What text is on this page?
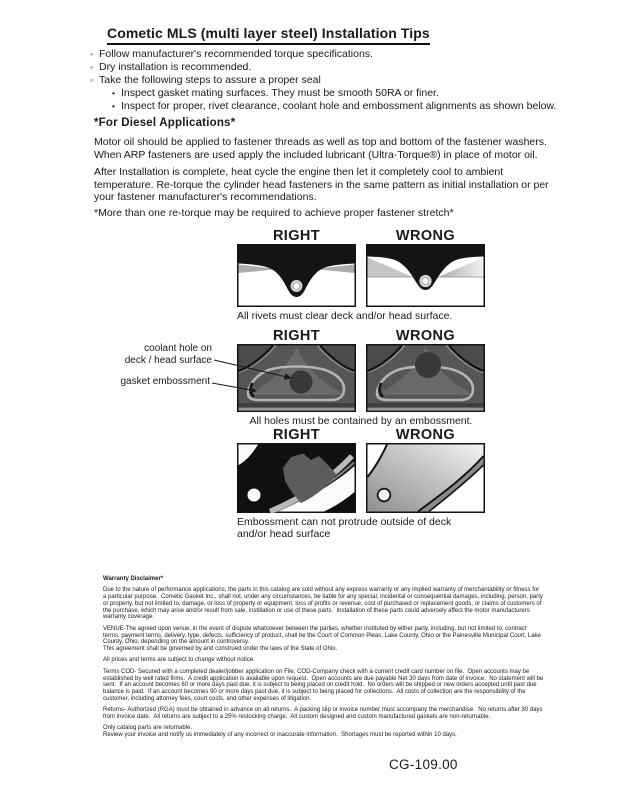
Cometic MLS (multi layer steel) Installation Tips
◦ Follow manufacturer's recommended torque specifications.
◦ Dry installation is recommended.
◦ Take the following steps to assure a proper seal
• Inspect gasket mating surfaces. They must be smooth 50RA or finer.
• Inspect for proper, rivet clearance, coolant hole and embossment alignments as shown below.
*For Diesel Applications*
Motor oil should be applied to fastener threads as well as top and bottom of the fastener washers. When ARP fasteners are used apply the included lubricant (Ultra-Torque®) in place of motor oil.
After Installation is complete, heat cycle the engine then let it completely cool to ambient temperature. Re-torque the cylinder head fasteners in the same pattern as initial installation or per your fastener manufacturer's recommendations.
*More than one re-torque may be required to achieve proper fastener stretch*
RIGHT	WRONG
All rivets must clear deck and/or head surface.
RIGHT	WRONG
All holes must be contained by an embossment.
coolant hole on
deck / head surface
gasket embossment
RIGHT	WRONG
Embossment can not protrude outside of deck
and/or head surface
Warranty Disclaimer*

Due to the nature of performance applications, the parts in this catalog are sold without any express warranty or any implied warranty of merchantability or fitness for a particular purpose.  Cometic Gasket Inc., shall not, under any circumstances, be liable for any special, incidental or consequential damages, including, person, party or property, but not limited to, damage, or loss of property or equipment, loss of profits or revenue, cost of purchased or replacement goods, or claims of customers of the purchase, which may arise and/or result from sale, instillation or use of these parts.  Installation of these parts could adversely affect the motor manufacturers warranty coverage.

VENUE-The agreed upon venue, in the event of dispute whatsoever between the parties, whether instituted by either party, including, but not limited to, contract terms, payment terms, delivery, type, defects, sufficiency of product, shall be the Court of Common Pleas, Lake County, Ohio or the Painesville Municipal Court, Lake County, Ohio, depending on the amount in controversy.

This agreement shall be governed by and construed under the laws of the State of Ohio.

All prices and terms are subject to change without notice.

Terms COD- Secured with a completed dealer/jobber application on File, COD-Company check with a current credit card number on file.  Open accounts may be established by well rated firms.  A credit application is available upon request.  Open accounts are due payable Net 30 days from date of invoice.  No statement will be sent.  If an account becomes 60 or more days past due, it is subject to being placed on credit hold.  No orders will be shipped or new orders accepted until past due balance is paid.  If an account becomes 90 or more days past due, it is subject to being placed for collections.  All costs of collection are the responsibility of the customer, including attorney fees, court costs, and other expenses of litigation.

Returns- Authorized (RGA) must be obtained in advance on all returns.  A packing slip or invoice number must accompany the merchandise.  No returns after 30 days from invoice date.  All returns are subject to a 25% restocking charge.  All custom designed and custom manufactured gaskets are non-returnable.

Only catalog parts are returnable.

Review your invoice and notify us immediately of any incorrect or inaccurate information.  Shortages must be reported within 10 days.

CG-109.00
